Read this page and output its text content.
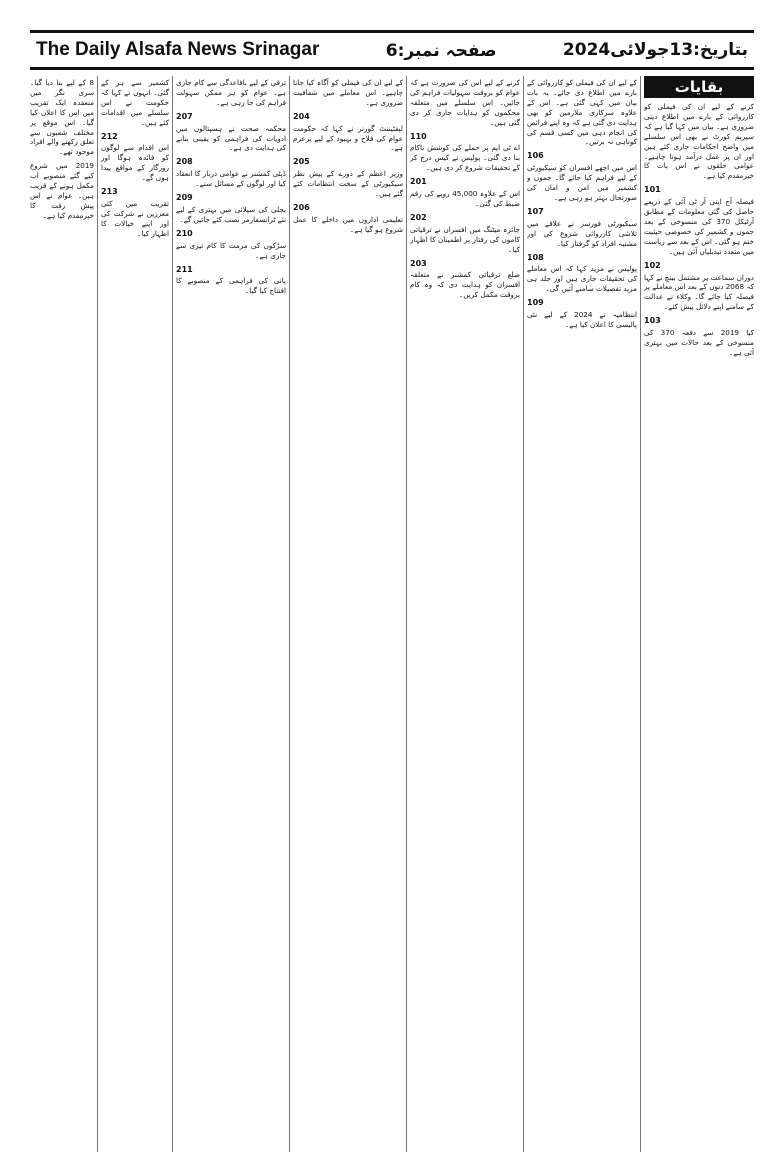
The Daily Alsafa News Srinagar	صفحہ نمبر:6	بتاریخ:13جولائی2024
بقایات
کرنے کے لیے ان کی فیملی کو کارروائی کے بارے میں اطلاع دینی ضروری ہے۔ بیان میں کہا گیا ہے کہ سپریم کورٹ نے بھی اس سلسلے میں واضح احکامات جاری کئے ہیں اور ان پر عمل درآمد ہونا چاہیے۔ عوامی حلقوں نے اس بات کا خیرمقدم کیا ہے۔
101
فیصلہ آج اپنی آر ٹی آئی کے ذریعے حاصل کی گئی معلومات کے مطابق آرٹیکل 370 کی منسوخی کے بعد جموں و کشمیر کی خصوصی حیثیت ختم ہو گئی۔ اس کے بعد سے ریاست میں متعدد تبدیلیاں آئی ہیں۔
102
دوران سماعت پر مشتمل بینچ نے کہا کہ 2068 دنوں کے بعد اس معاملے پر فیصلہ کیا جائے گا۔ وکلاء نے عدالت کے سامنے اپنے دلائل پیش کئے۔
103
کیا 2019 سے دفعہ 370 کی منسوخی کے بعد حالات میں بہتری آئی ہے۔
کے لیے ان کی فیملی کو کارروائی کے بارے میں اطلاع دی جائے۔ یہ بات بیان میں کہی گئی ہے۔ اس کے علاوہ سرکاری ملازمین کو بھی ہدایت دی گئی ہے کہ وہ اپنے فرائض کی انجام دہی میں کسی قسم کی کوتاہی نہ برتیں۔
106
اس میں اچھے افسران کو سیکیورٹی کے لیے فراہم کیا جائے گا۔ جموں و کشمیر میں امن و امان کی صورتحال بہتر ہو رہی ہے۔
107
سیکیورٹی فورسز نے علاقے میں تلاشی کارروائی شروع کی اور مشتبہ افراد کو گرفتار کیا۔
108
پولیس نے مزید کہا کہ اس معاملے کی تحقیقات جاری ہیں اور جلد ہی مزید تفصیلات سامنے آئیں گی۔
109
انتظامیہ نے 2024 کے لیے نئی پالیسی کا اعلان کیا ہے۔
کرنے کے لیے اس کی ضرورت ہے کہ عوام کو بروقت سہولیات فراہم کی جائیں۔ اس سلسلے میں متعلقہ محکموں کو ہدایات جاری کر دی گئی ہیں۔
110
اے ٹی ایم پر حملے کی کوشش ناکام بنا دی گئی۔ پولیس نے کیس درج کر کے تحقیقات شروع کر دی ہیں۔
201
اس کے علاوہ 45,000 روپے کی رقم ضبط کی گئی۔
202
جائزہ میٹنگ میں افسران نے ترقیاتی کاموں کی رفتار پر اطمینان کا اظہار کیا۔
203
ضلع ترقیاتی کمشنر نے متعلقہ افسران کو ہدایت دی کہ وہ کام بروقت مکمل کریں۔
کے لیے ان کی فیملی کو آگاہ کیا جانا چاہیے۔ اس معاملے میں شفافیت ضروری ہے۔
204
لیفٹیننٹ گورنر نے کہا کہ حکومت عوام کی فلاح و بہبود کے لیے پرعزم ہے۔
205
وزیر اعظم کے دورے کے پیش نظر سیکیورٹی کے سخت انتظامات کئے گئے ہیں۔
206
تعلیمی اداروں میں داخلے کا عمل شروع ہو گیا ہے۔
ترقی کے لیے باقاعدگی سے کام جاری ہے۔ عوام کو ہر ممکن سہولت فراہم کی جا رہی ہے۔
207
محکمہ صحت نے ہسپتالوں میں ادویات کی فراہمی کو یقینی بنانے کی ہدایت دی ہے۔
208
ڈپٹی کمشنر نے عوامی دربار کا انعقاد کیا اور لوگوں کے مسائل سنے۔
209
بجلی کی سپلائی میں بہتری کے لیے نئے ٹرانسفارمر نصب کئے جائیں گے۔
210
سڑکوں کی مرمت کا کام تیزی سے جاری ہے۔
211
پانی کی فراہمی کے منصوبے کا افتتاح کیا گیا۔
کشمیر سے ہر کے گئی۔ انہوں نے کہا کہ حکومت نے اس سلسلے میں اقدامات کئے ہیں۔
212
اس اقدام سے لوگوں کو فائدہ ہوگا اور روزگار کے مواقع پیدا ہوں گے۔
213
تقریب میں کئی معززین نے شرکت کی اور اپنے خیالات کا اظہار کیا۔
8 کے لیے بنا دیا گیا۔ سری نگر میں منعقدہ ایک تقریب میں اس کا اعلان کیا گیا۔ اس موقع پر مختلف شعبوں سے تعلق رکھنے والے افراد موجود تھے۔
2019 میں شروع کیے گئے منصوبے اب مکمل ہونے کے قریب ہیں۔ عوام نے اس پیش رفت کا خیرمقدم کیا ہے۔
